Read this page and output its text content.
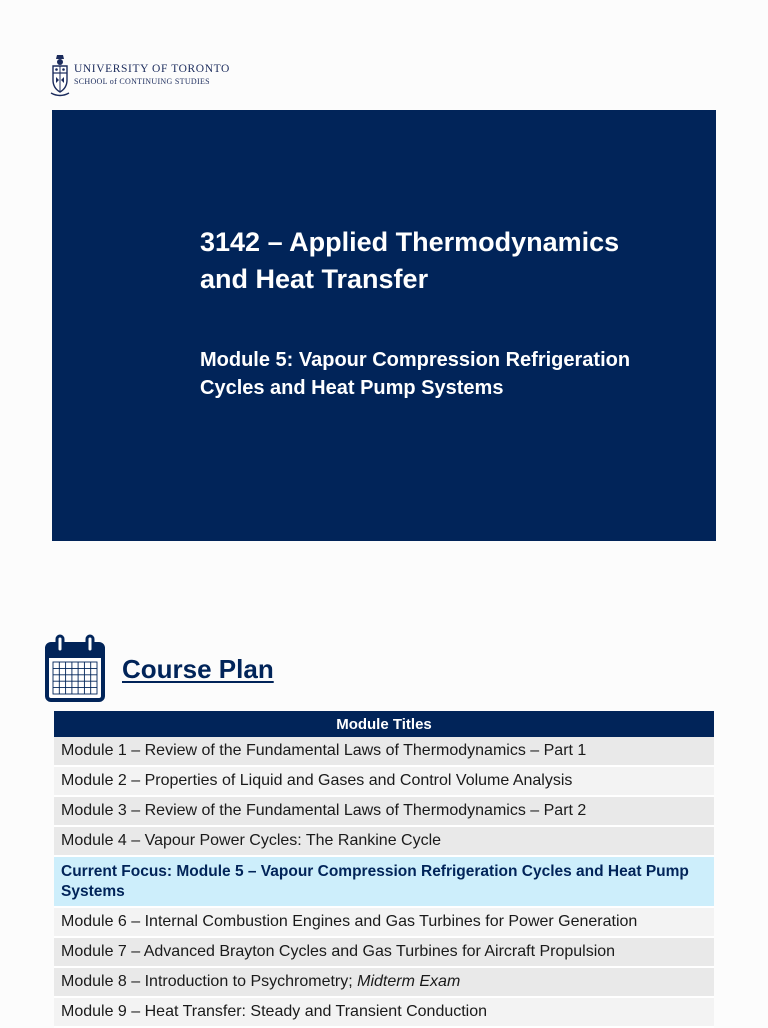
UNIVERSITY OF TORONTO
SCHOOL of CONTINUING STUDIES
3142 – Applied Thermodynamics and Heat Transfer
Module 5: Vapour Compression Refrigeration Cycles and Heat Pump Systems
Course Plan
Module Titles
Module 1 – Review of the Fundamental Laws of Thermodynamics – Part 1
Module 2 – Properties of Liquid and Gases and Control Volume Analysis
Module 3 – Review of the Fundamental Laws of Thermodynamics – Part 2
Module 4 – Vapour Power Cycles: The Rankine Cycle
Current Focus: Module 5 – Vapour Compression Refrigeration Cycles and Heat Pump Systems
Module 6 – Internal Combustion Engines and Gas Turbines for Power Generation
Module 7 – Advanced Brayton Cycles and Gas Turbines for Aircraft Propulsion
Module 8 – Introduction to Psychrometry; Midterm Exam
Module 9 – Heat Transfer: Steady and Transient Conduction
